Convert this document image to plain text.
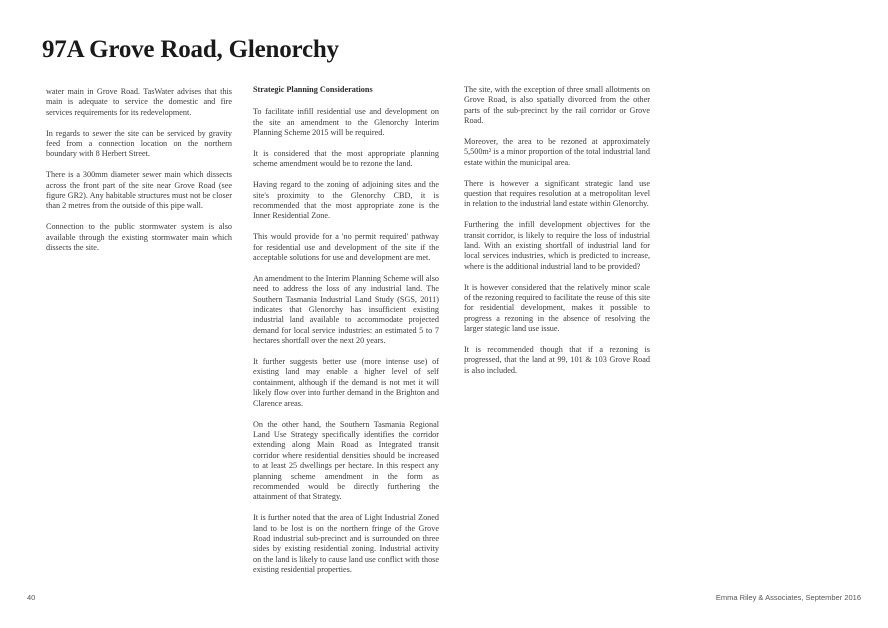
97A Grove Road, Glenorchy

water main in Grove Road. TasWater advises that this main is adequate to service the domestic and fire services requirements for its redevelopment.

In regards to sewer the site can be serviced by gravity feed from a connection location on the northern boundary with 8 Herbert Street.

There is a 300mm diameter sewer main which dissects across the front part of the site near Grove Road (see figure GR2). Any habitable structures must not be closer than 2 metres from the outside of this pipe wall.

Connection to the public stormwater system is also available through the existing stormwater main which dissects the site.

Strategic Planning Considerations

To facilitate infill residential use and development on the site an amendment to the Glenorchy Interim Planning Scheme 2015 will be required.

It is considered that the most appropriate planning scheme amendment would be to rezone the land.

Having regard to the zoning of adjoining sites and the site's proximity to the Glenorchy CBD, it is recommended that the most appropriate zone is the Inner Residential Zone.

This would provide for a 'no permit required' pathway for residential use and development of the site if the acceptable solutions for use and development are met.

An amendment to the Interim Planning Scheme will also need to address the loss of any industrial land. The Southern Tasmania Industrial Land Study (SGS, 2011) indicates that Glenorchy has insufficient existing industrial land available to accommodate projected demand for local service industries: an estimated 5 to 7 hectares shortfall over the next 20 years.

It further suggests better use (more intense use) of existing land may enable a higher level of self containment, although if the demand is not met it will likely flow over into further demand in the Brighton and Clarence areas.

On the other hand, the Southern Tasmania Regional Land Use Strategy specifically identifies the corridor extending along Main Road as Integrated transit corridor where residential densities should be increased to at least 25 dwellings per hectare. In this respect any planning scheme amendment in the form as recommended would be directly furthering the attainment of that Strategy.

It is further noted that the area of Light Industrial Zoned land to be lost is on the northern fringe of the Grove Road industrial sub-precinct and is surrounded on three sides by existing residential zoning. Industrial activity on the land is likely to cause land use conflict with those existing residential properties.

The site, with the exception of three small allotments on Grove Road, is also spatially divorced from the other parts of the sub-precinct by the rail corridor or Grove Road.

Moreover, the area to be rezoned at approximately 5,500m² is a minor proportion of the total industrial land estate within the municipal area.

There is however a significant strategic land use question that requires resolution at a metropolitan level in relation to the industrial land estate within Glenorchy.

Furthering the infill development objectives for the transit corridor, is likely to require the loss of industrial land. With an existing shortfall of industrial land for local services industries, which is predicted to increase, where is the additional industrial land to be provided?

It is however considered that the relatively minor scale of the rezoning required to facilitate the reuse of this site for residential development, makes it possible to progress a rezoning in the absence of resolving the larger stategic land use issue.

It is recommended though that if a rezoning is progressed, that the land at 99, 101 & 103 Grove Road is also included.

40	Emma Riley & Associates, September 2016
